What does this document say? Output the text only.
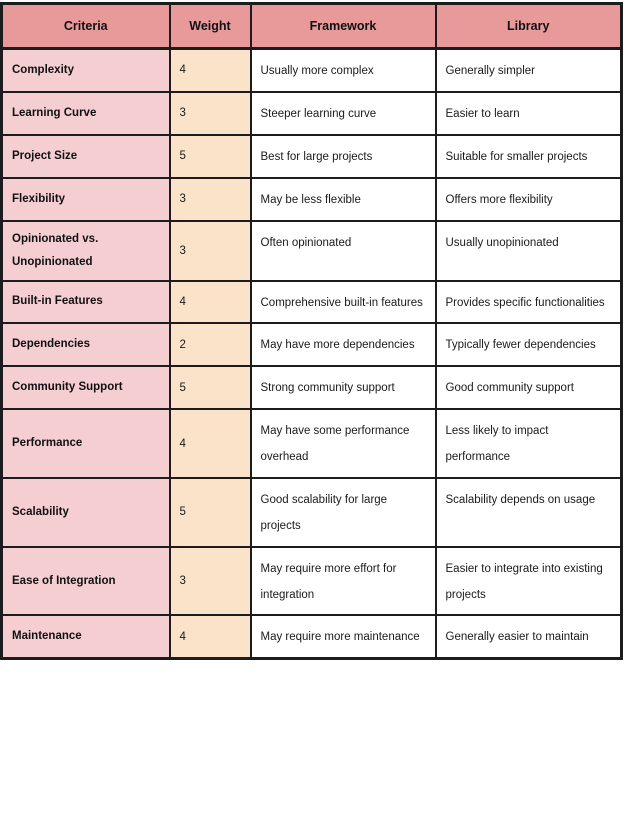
Criteria	Weight	Framework	Library
Complexity	4	Usually more complex	Generally simpler
Learning Curve	3	Steeper learning curve	Easier to learn
Project Size	5	Best for large projects	Suitable for smaller projects
Flexibility	3	May be less flexible	Offers more flexibility
Opinionated vs. Unopinionated	3	Often opinionated	Usually unopinionated
Built-in Features	4	Comprehensive built-in features	Provides specific functionalities
Dependencies	2	May have more dependencies	Typically fewer dependencies
Community Support	5	Strong community support	Good community support
Performance	4	May have some performance overhead	Less likely to impact performance
Scalability	5	Good scalability for large projects	Scalability depends on usage
Ease of Integration	3	May require more effort for integration	Easier to integrate into existing projects
Maintenance	4	May require more maintenance	Generally easier to maintain
